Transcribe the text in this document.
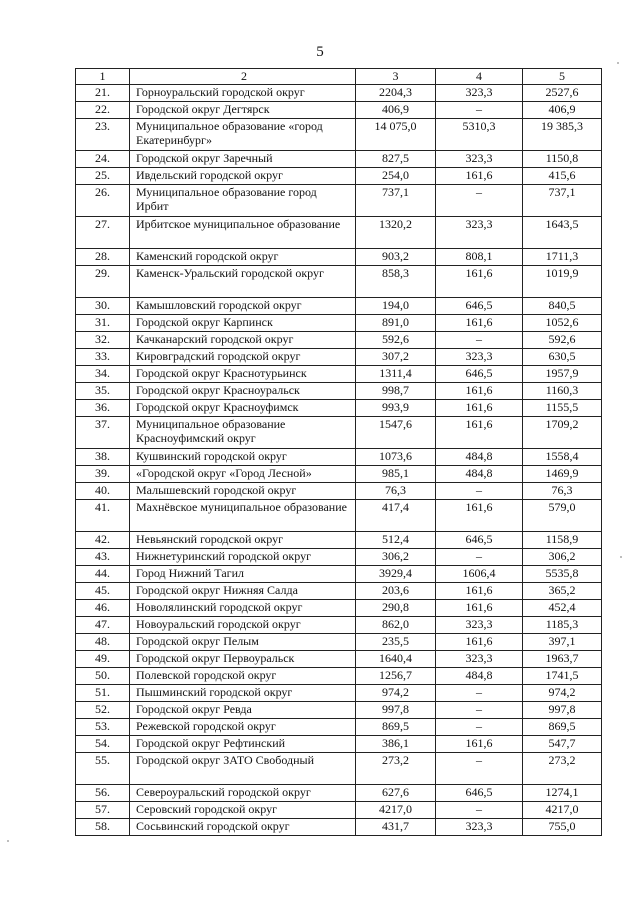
5
1	2	3	4	5
21.	Горноуральский городской округ	2204,3	323,3	2527,6
22.	Городской округ Дегтярск	406,9	–	406,9
23.	Муниципальное образование «город Екатеринбург»	14 075,0	5310,3	19 385,3
24.	Городской округ Заречный	827,5	323,3	1150,8
25.	Ивдельский городской округ	254,0	161,6	415,6
26.	Муниципальное образование город Ирбит	737,1	–	737,1
27.	Ирбитское муниципальное образование	1320,2	323,3	1643,5
28.	Каменский городской округ	903,2	808,1	1711,3
29.	Каменск-Уральский городской округ	858,3	161,6	1019,9
30.	Камышловский городской округ	194,0	646,5	840,5
31.	Городской округ Карпинск	891,0	161,6	1052,6
32.	Качканарский городской округ	592,6	–	592,6
33.	Кировградский городской округ	307,2	323,3	630,5
34.	Городской округ Краснотурьинск	1311,4	646,5	1957,9
35.	Городской округ Красноуральск	998,7	161,6	1160,3
36.	Городской округ Красноуфимск	993,9	161,6	1155,5
37.	Муниципальное образование Красноуфимский округ	1547,6	161,6	1709,2
38.	Кушвинский городской округ	1073,6	484,8	1558,4
39.	«Городской округ «Город Лесной»	985,1	484,8	1469,9
40.	Малышевский городской округ	76,3	–	76,3
41.	Махнёвское муниципальное образование	417,4	161,6	579,0
42.	Невьянский городской округ	512,4	646,5	1158,9
43.	Нижнетуринский городской округ	306,2	–	306,2
44.	Город Нижний Тагил	3929,4	1606,4	5535,8
45.	Городской округ Нижняя Салда	203,6	161,6	365,2
46.	Новолялинский городской округ	290,8	161,6	452,4
47.	Новоуральский городской округ	862,0	323,3	1185,3
48.	Городской округ Пелым	235,5	161,6	397,1
49.	Городской округ Первоуральск	1640,4	323,3	1963,7
50.	Полевской городской округ	1256,7	484,8	1741,5
51.	Пышминский городской округ	974,2	–	974,2
52.	Городской округ Ревда	997,8	–	997,8
53.	Режевской городской округ	869,5	–	869,5
54.	Городской округ Рефтинский	386,1	161,6	547,7
55.	Городской округ ЗАТО Свободный	273,2	–	273,2
56.	Североуральский городской округ	627,6	646,5	1274,1
57.	Серовский городской округ	4217,0	–	4217,0
58.	Сосьвинский городской округ	431,7	323,3	755,0
